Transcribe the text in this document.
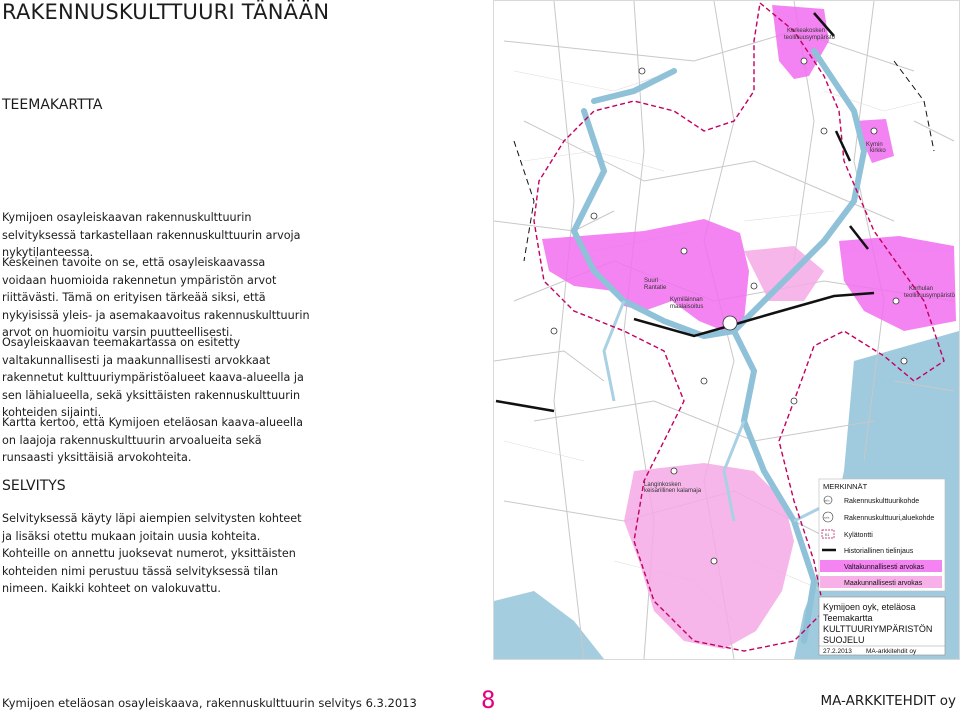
RAKENNUSKULTTUURI TÄNÄÄN
TEEMAKARTTA

Kymijoen osayleiskaavan rakennuskulttuurin selvityksessä tarkastellaan rakennuskulttuurin arvoja nykytilanteessa.

Keskeinen tavoite on se, että osayleiskaavassa voidaan huomioida rakennetun ympäristön arvot riittävästi. Tämä on erityisen tärkeää siksi, että nykyisissä yleis- ja asemakaavoitus rakennuskulttuurin arvot on huomioitu varsin puutteellisesti.

Osayleiskaavan teemakartassa on esitetty valtakunnallisesti ja maakunnallisesti arvokkaat rakennetut kulttuuriympäristöalueet kaava-alueella ja sen lähialueella, sekä yksittäisten rakennuskulttuurin kohteiden sijainti.

Kartta kertoo, että Kymijoen eteläosan kaava-alueella on laajoja rakennuskulttuurin arvoalueita sekä runsaasti yksittäisiä arvokohteita.

SELVITYS

Selvityksessä käyty läpi aiempien selvitysten kohteet ja lisäksi otettu mukaan joitain uusia kohteita. Kohteille on annettu juoksevat numerot, yksittäisten kohteiden nimi perustuu tässä selvityksessä tilan nimeen. Kaikki kohteet on valokuvattu.

Korkeakosken
teollisuusympäristö
Kymin
kirkko
Suuri
Rantatie
Kymiläinnan
maalaisoitus
Karhulan
teollisuusympäristö
Langinkosken
keisarillinen kalamaja	MERKINNÄT
xx/x Rakennuskulttuurikohde
xx/x Rakennuskulttuuri,aluekohde
K1 Kylätontti
Historiallinen tielinjaus
Valtakunnallisesti arvokas
Maakunnallisesti arvokas
Kymijoen oyk, eteläosa
Teemakartta
KULTTUURIYMPÄRISTÖN
SUOJELU
27.2.2013 MA-arkkitehdit oy
Kymijoen eteläosan osayleiskaava, rakennuskulttuurin selvitys 6.3.2013	8	MA-ARKKITEHDIT oy
